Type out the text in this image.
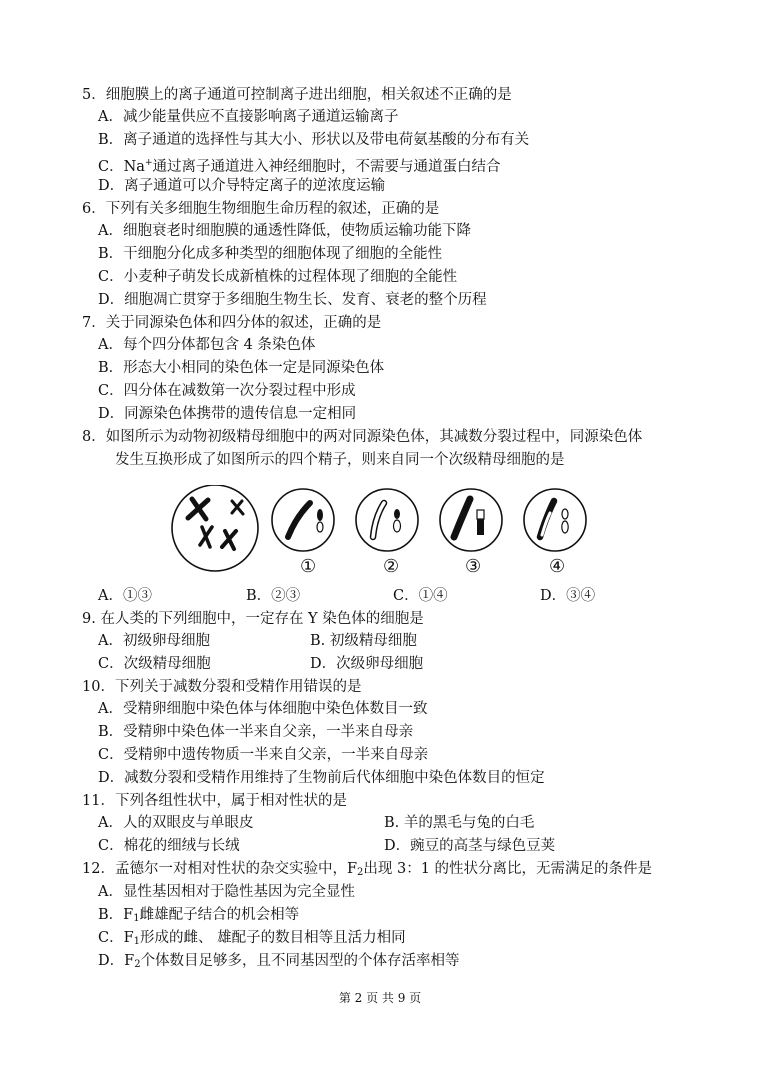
5．细胞膜上的离子通道可控制离子进出细胞，相关叙述不正确的是
A．减少能量供应不直接影响离子通道运输离子
B．离子通道的选择性与其大小、形状以及带电荷氨基酸的分布有关
C．Na+通过离子通道进入神经细胞时，不需要与通道蛋白结合
D．离子通道可以介导特定离子的逆浓度运输
6．下列有关多细胞生物细胞生命历程的叙述，正确的是
A．细胞衰老时细胞膜的通透性降低，使物质运输功能下降
B．干细胞分化成多种类型的细胞体现了细胞的全能性
C．小麦种子萌发长成新植株的过程体现了细胞的全能性
D．细胞凋亡贯穿于多细胞生物生长、发育、衰老的整个历程
7．关于同源染色体和四分体的叙述，正确的是
A．每个四分体都包含 4 条染色体
B．形态大小相同的染色体一定是同源染色体
C．四分体在减数第一次分裂过程中形成
D．同源染色体携带的遗传信息一定相同
8．如图所示为动物初级精母细胞中的两对同源染色体，其减数分裂过程中，同源染色体
发生互换形成了如图所示的四个精子，则来自同一个次级精母细胞的是
①	②	③	④
A．①③	B．②③	C．①④	D．③④
9. 在人类的下列细胞中，一定存在 Y 染色体的细胞是
A．初级卵母细胞	B. 初级精母细胞
C．次级精母细胞	D．次级卵母细胞
10．下列关于减数分裂和受精作用错误的是
A．受精卵细胞中染色体与体细胞中染色体数目一致
B．受精卵中染色体一半来自父亲，一半来自母亲
C．受精卵中遗传物质一半来自父亲，一半来自母亲
D．减数分裂和受精作用维持了生物前后代体细胞中染色体数目的恒定
11．下列各组性状中，属于相对性状的是
A．人的双眼皮与单眼皮	B. 羊的黑毛与兔的白毛
C．棉花的细绒与长绒	D．豌豆的高茎与绿色豆荚
12．孟德尔一对相对性状的杂交实验中，$F_2$出现 3：1 的性状分离比，无需满足的条件是
A．显性基因相对于隐性基因为完全显性
B．$F_1$雌雄配子结合的机会相等
C．$F_1$形成的雌、 雄配子的数目相等且活力相同
D．$F_2$个体数目足够多，且不同基因型的个体存活率相等
第 2 页 共 9 页
